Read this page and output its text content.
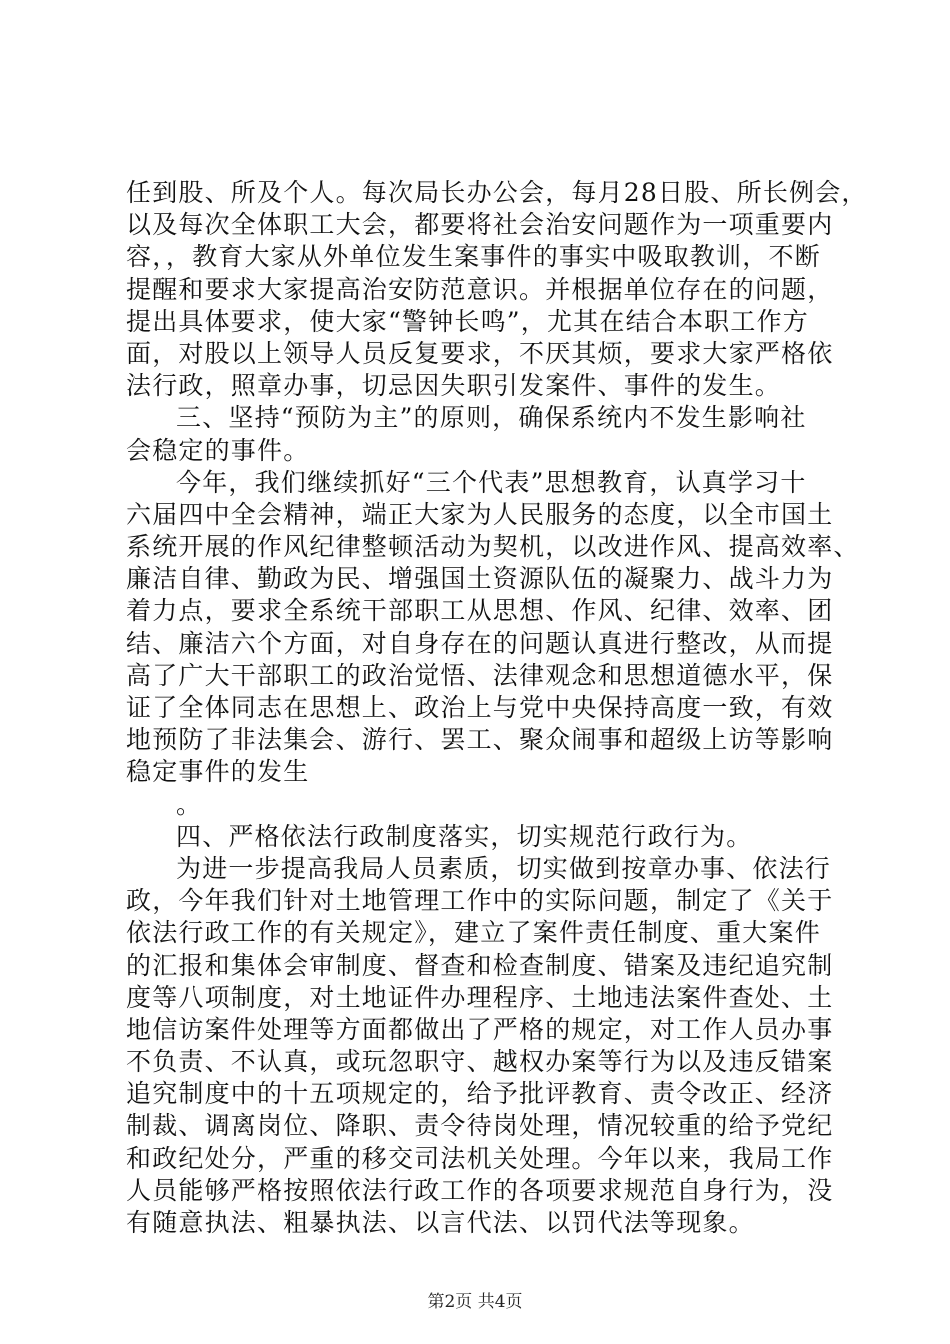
任到股、所及个人。每次局长办公会，每月28日股、所长例会，
以及每次全体职工大会，都要将社会治安问题作为一项重要内
容，，教育大家从外单位发生案事件的事实中吸取教训，不断
提醒和要求大家提高治安防范意识。并根据单位存在的问题，
提出具体要求，使大家“警钟长鸣”，尤其在结合本职工作方
面，对股以上领导人员反复要求，不厌其烦，要求大家严格依
法行政，照章办事，切忌因失职引发案件、事件的发生。
三、坚持“预防为主”的原则，确保系统内不发生影响社
会稳定的事件。
今年，我们继续抓好“三个代表”思想教育，认真学习十
六届四中全会精神，端正大家为人民服务的态度，以全市国土
系统开展的作风纪律整顿活动为契机，以改进作风、提高效率、
廉洁自律、勤政为民、增强国土资源队伍的凝聚力、战斗力为
着力点，要求全系统干部职工从思想、作风、纪律、效率、团
结、廉洁六个方面，对自身存在的问题认真进行整改，从而提
高了广大干部职工的政治觉悟、法律观念和思想道德水平，保
证了全体同志在思想上、政治上与党中央保持高度一致，有效
地预防了非法集会、游行、罢工、聚众闹事和超级上访等影响
稳定事件的发生
。
四、严格依法行政制度落实，切实规范行政行为。
为进一步提高我局人员素质，切实做到按章办事、依法行
政，今年我们针对土地管理工作中的实际问题，制定了《关于
依法行政工作的有关规定》，建立了案件责任制度、重大案件
的汇报和集体会审制度、督查和检查制度、错案及违纪追究制
度等八项制度，对土地证件办理程序、土地违法案件查处、土
地信访案件处理等方面都做出了严格的规定，对工作人员办事
不负责、不认真，或玩忽职守、越权办案等行为以及违反错案
追究制度中的十五项规定的，给予批评教育、责令改正、经济
制裁、调离岗位、降职、责令待岗处理，情况较重的给予党纪
和政纪处分，严重的移交司法机关处理。今年以来，我局工作
人员能够严格按照依法行政工作的各项要求规范自身行为，没
有随意执法、粗暴执法、以言代法、以罚代法等现象。
第2页 共4页
